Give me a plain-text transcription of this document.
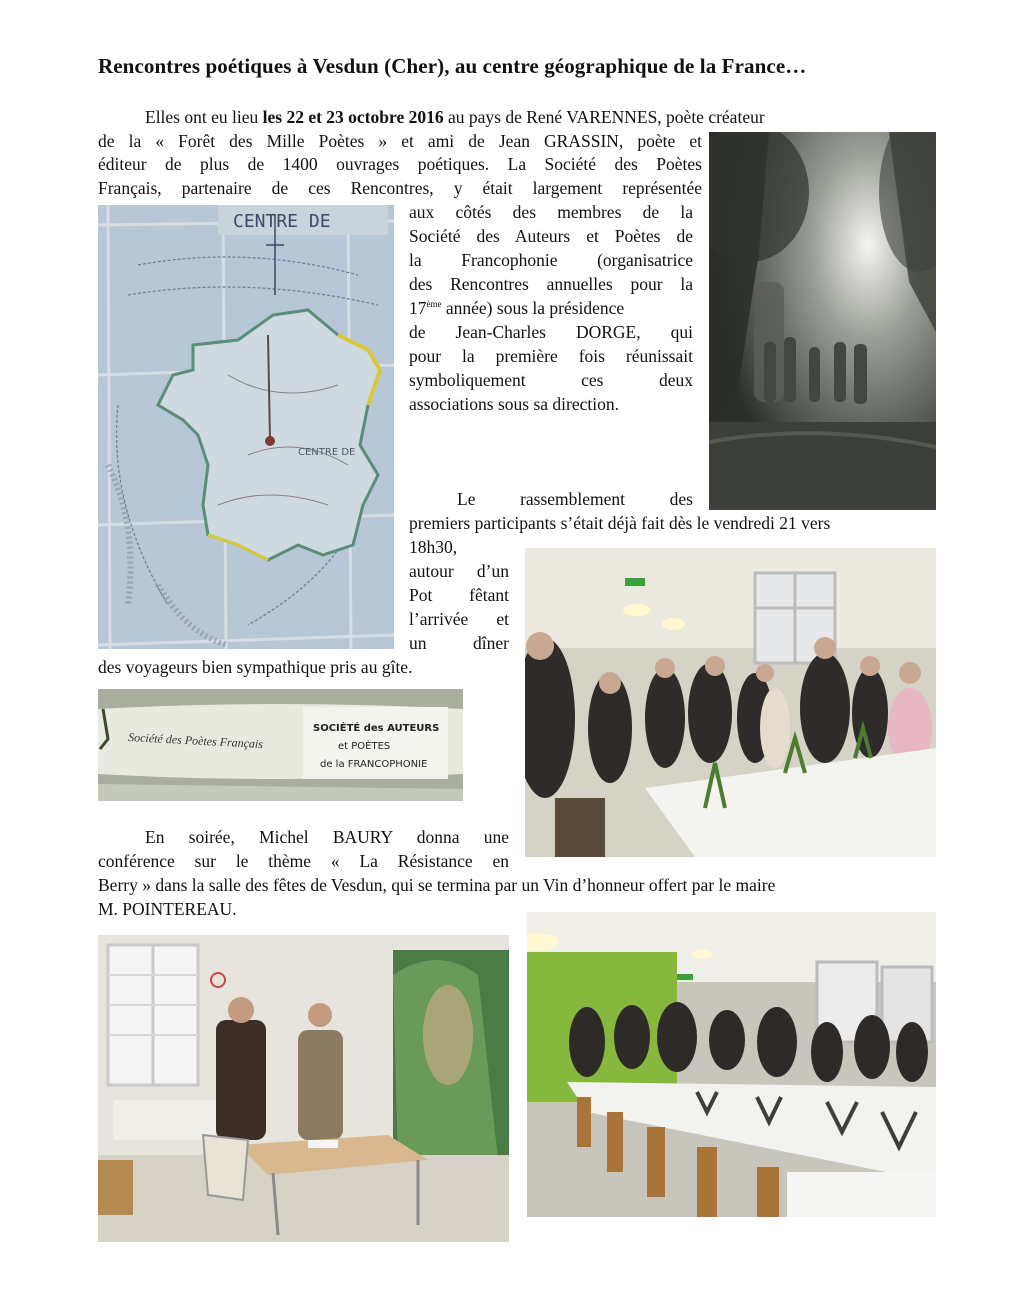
Rencontres poétiques à Vesdun (Cher), au centre géographique de la France…
Elles ont eu lieu les 22 et 23 octobre 2016 au pays de René VARENNES, poète créateur
de la « Forêt des Mille Poètes » et ami de Jean GRASSIN, poète et
éditeur de plus de 1400 ouvrages poétiques. La Société des Poètes
Français, partenaire de ces Rencontres, y était largement représentée
aux côtés des membres de la
Société des Auteurs et Poètes de
la Francophonie (organisatrice
des Rencontres annuelles pour la
17ème année) sous la présidence
de Jean-Charles DORGE, qui
pour la première fois réunissait
symboliquement ces deux
associations sous sa direction.
Le rassemblement des
premiers participants s’était déjà fait dès le vendredi 21 vers
18h30,
autour d’un
Pot fêtant
l’arrivée et
un dîner
des voyageurs bien sympathique pris au gîte.
En soirée, Michel BAURY donna une
conférence sur le thème « La Résistance en
Berry » dans la salle des fêtes de Vesdun, qui se termina par un Vin d’honneur offert par le maire
M. POINTEREAU.
CENTRE DE
CENTRE DE
Société des Poètes Français
SOCIÉTÉ des AUTEURS
et POÈTES
de la FRANCOPHONIE
